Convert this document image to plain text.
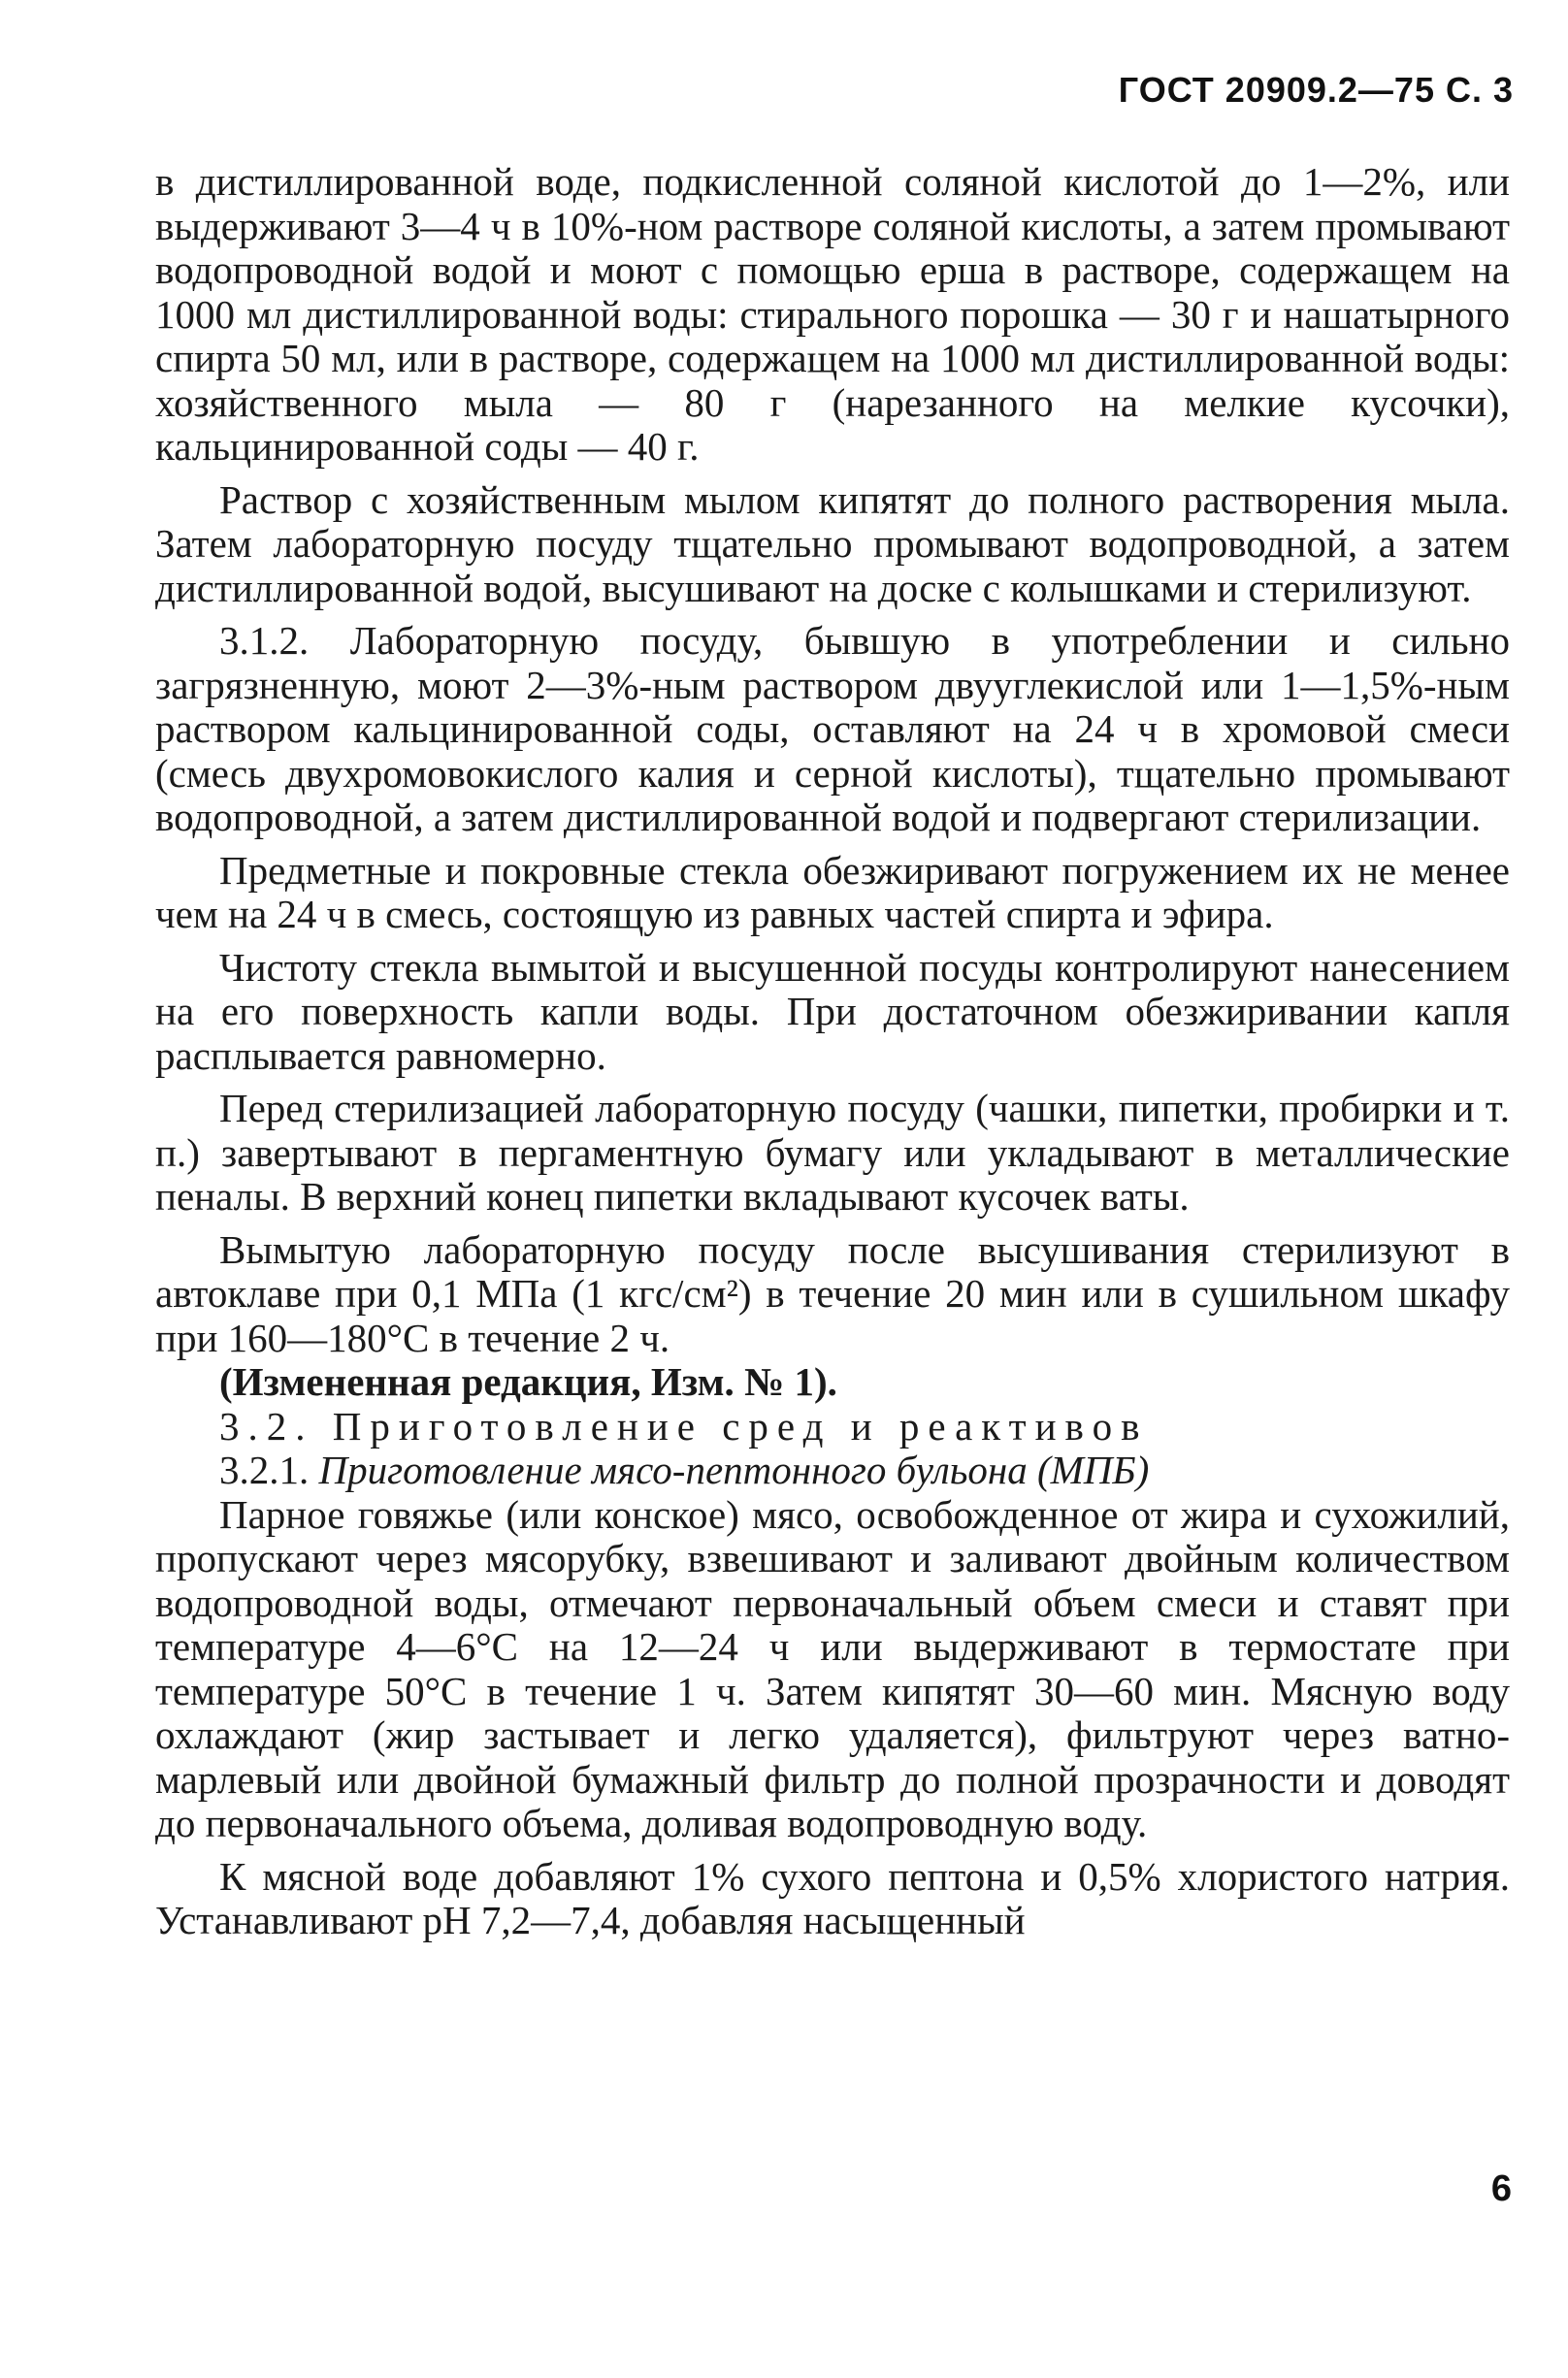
ГОСТ 20909.2—75 С. 3

в дистиллированной воде, подкисленной соляной кислотой до 1—2%, или выдерживают 3—4 ч в 10%-ном растворе соляной кислоты, а затем промывают водопроводной водой и моют с помощью ерша в растворе, содержащем на 1000 мл дистиллированной воды: стирального порошка — 30 г и нашатырного спирта 50 мл, или в растворе, содержащем на 1000 мл дистиллированной воды: хозяйственного мыла — 80 г (нарезанного на мелкие кусочки), кальцинированной соды — 40 г.

Раствор с хозяйственным мылом кипятят до полного растворения мыла. Затем лабораторную посуду тщательно промывают водопроводной, а затем дистиллированной водой, высушивают на доске с колышками и стерилизуют.

3.1.2. Лабораторную посуду, бывшую в употреблении и сильно загрязненную, моют 2—3%-ным раствором двууглекислой или 1—1,5%-ным раствором кальцинированной соды, оставляют на 24 ч в хромовой смеси (смесь двухромовокислого калия и серной кислоты), тщательно промывают водопроводной, а затем дистиллированной водой и подвергают стерилизации.

Предметные и покровные стекла обезжиривают погружением их не менее чем на 24 ч в смесь, состоящую из равных частей спирта и эфира.

Чистоту стекла вымытой и высушенной посуды контролируют нанесением на его поверхность капли воды. При достаточном обезжиривании капля расплывается равномерно.

Перед стерилизацией лабораторную посуду (чашки, пипетки, пробирки и т. п.) завертывают в пергаментную бумагу или укладывают в металлические пеналы. В верхний конец пипетки вкладывают кусочек ваты.

Вымытую лабораторную посуду после высушивания стерилизуют в автоклаве при 0,1 МПа (1 кгс/см²) в течение 20 мин или в сушильном шкафу при 160—180°С в течение 2 ч.

(Измененная редакция, Изм. № 1).

3.2. Приготовление сред и реактивов

3.2.1. Приготовление мясо-пептонного бульона (МПБ)

Парное говяжье (или конское) мясо, освобожденное от жира и сухожилий, пропускают через мясорубку, взвешивают и заливают двойным количеством водопроводной воды, отмечают первоначальный объем смеси и ставят при температуре 4—6°С на 12—24 ч или выдерживают в термостате при температуре 50°С в течение 1 ч. Затем кипятят 30—60 мин. Мясную воду охлаждают (жир застывает и легко удаляется), фильтруют через ватно-марлевый или двойной бумажный фильтр до полной прозрачности и доводят до первоначального объема, доливая водопроводную воду.

К мясной воде добавляют 1% сухого пептона и 0,5% хлористого натрия. Устанавливают pH 7,2—7,4, добавляя насыщенный

6
